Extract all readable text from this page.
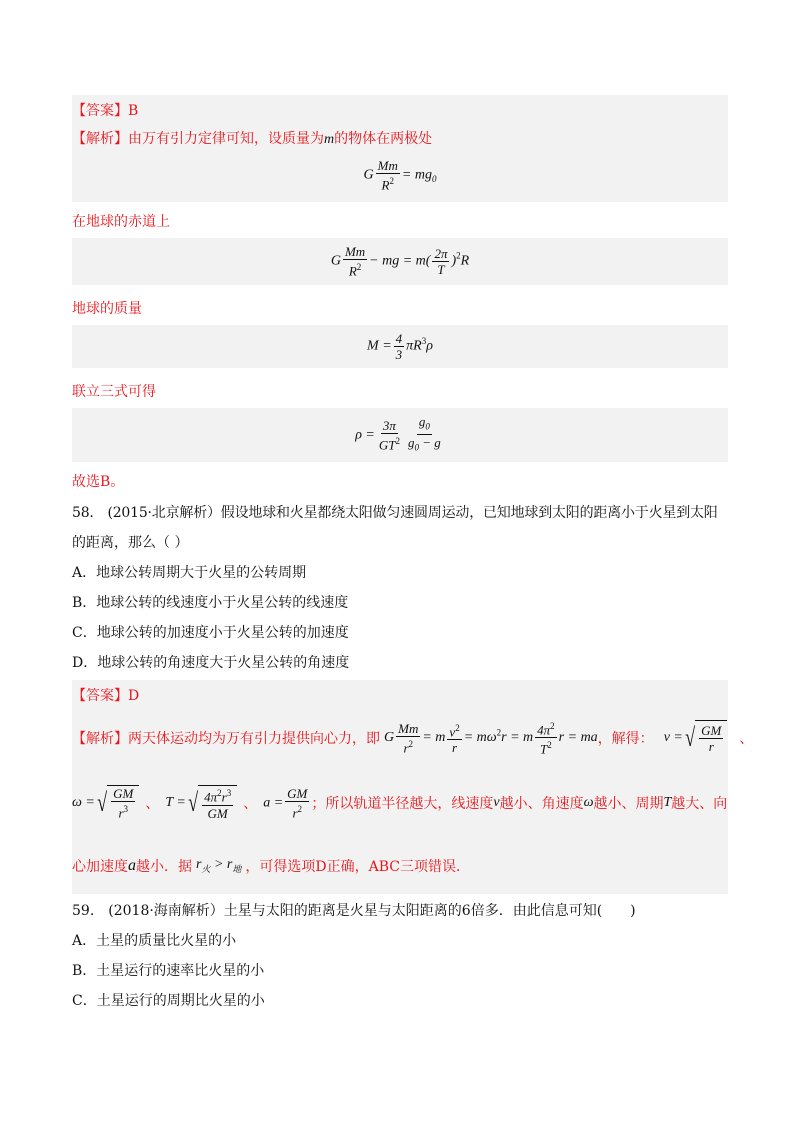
【答案】B
【解析】由万有引力定律可知，设质量为m的物体在两极处
G $\frac{Mm}{R^2} = mg_0$
在地球的赤道上
G $\frac{Mm}{R^2}$ − mg = $m( \frac{2\pi}{T} )^2R$
地球的质量
$M = \frac{4}{3} \pi R^3\rho$
联立三式可得
$\rho = \frac{3\pi}{GT^2} \frac{g_0}{g_0 - g}$
故选B。
58.　(2015·北京解析）假设地球和火星都绕太阳做匀速圆周运动，已知地球到太阳的距离小于火星到太阳
的距离，那么（ ）
A．地球公转周期大于火星的公转周期
B．地球公转的线速度小于火星公转的线速度
C．地球公转的加速度小于火星公转的加速度
D．地球公转的角速度大于火星公转的角速度
【答案】D
【解析】 两天体运动均为万有引力提供向心力，即 G $\frac{Mm}{r^2} = m \frac{v^2}{r} = m\omega^2r = m \frac{4\pi^2}{T^2}$ r = ma ，解得： v = √ $\frac{GM}{r}$ 、
ω = √ $\frac{GM}{r^3}$ 、 T = √ $\frac{4\pi^2r^3}{GM}$ 、 $a = \frac{GM}{r^2}$ ；所以轨道半径越大，线速度 v 越小、角速度 ω 越小、周期 T 越大、向
心加速度 a 越小．据 $r_火 > r_地$ ，可得选项D正确，ABC三项错误．
59.　(2018·海南解析）土星与太阳的距离是火星与太阳距离的6倍多．由此信息可知(　　)
A．土星的质量比火星的小
B．土星运行的速率比火星的小
C．土星运行的周期比火星的小
